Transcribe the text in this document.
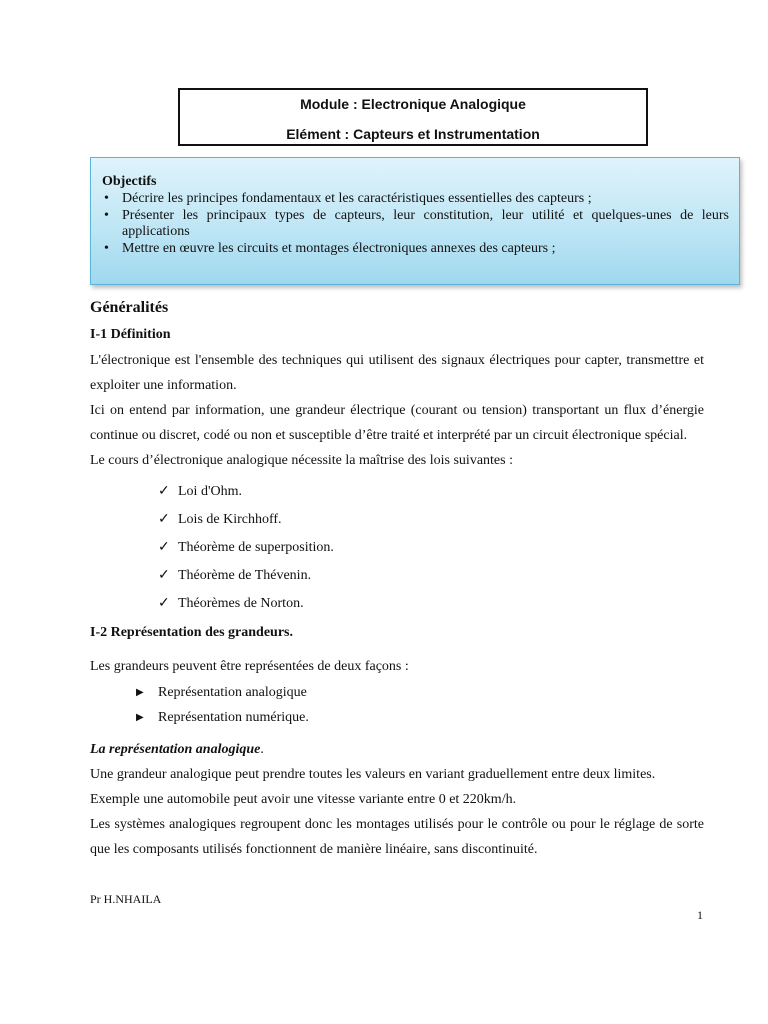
Module : Electronique Analogique
Elément : Capteurs et Instrumentation
Objectifs
• Décrire les principes fondamentaux et les caractéristiques essentielles des capteurs ;
• Présenter les principaux types de capteurs, leur constitution, leur utilité et quelques-unes de leurs applications
• Mettre en œuvre les circuits et montages électroniques annexes des capteurs ;
Généralités
I-1 Définition

L'électronique est l'ensemble des techniques qui utilisent des signaux électriques pour capter, transmettre et exploiter une information.

Ici on entend par information, une grandeur électrique (courant ou tension) transportant un flux d’énergie continue ou discret, codé ou non et susceptible d’être traité et interprété par un circuit électronique spécial.

Le cours d’électronique analogique nécessite la maîtrise des lois suivantes :

✓ Loi d'Ohm.
✓ Lois de Kirchhoff.
✓ Théorème de superposition.
✓ Théorème de Thévenin.
✓ Théorèmes de Norton.
I-2 Représentation des grandeurs.

Les grandeurs peuvent être représentées de deux façons :

▶ Représentation analogique
▶ Représentation numérique.
La représentation analogique.

Une grandeur analogique peut prendre toutes les valeurs en variant graduellement entre deux limites.

Exemple une automobile peut avoir une vitesse variante entre 0 et 220km/h.

Les systèmes analogiques regroupent donc les montages utilisés pour le contrôle ou pour le réglage de sorte que les composants utilisés fonctionnent de manière linéaire, sans discontinuité.

Pr H.NHAILA
1
